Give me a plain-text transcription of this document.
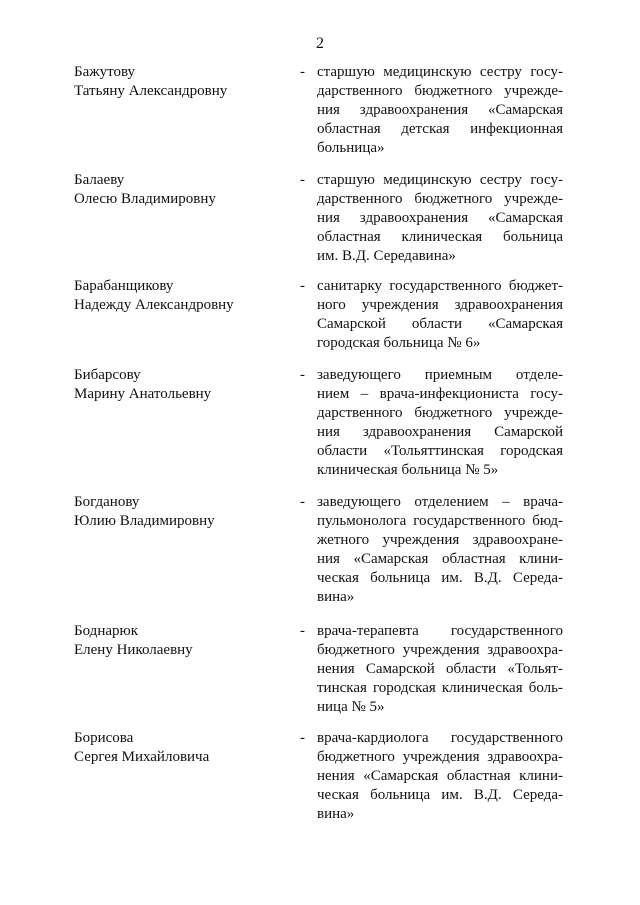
2
Бажутову
Татьяну Александровну
- старшую медицинскую сестру госу-
дарственного бюджетного учрежде-
ния здравоохранения «Самарская
областная детская инфекционная
больница»
Балаеву
Олесю Владимировну
- старшую медицинскую сестру госу-
дарственного бюджетного учрежде-
ния здравоохранения «Самарская
областная клиническая больница
им. В.Д. Середавина»
Барабанщикову
Надежду Александровну
- санитарку государственного бюджет-
ного учреждения здравоохранения
Самарской области «Самарская
городская больница № 6»
Бибарсову
Марину Анатольевну
- заведующего приемным отделе-
нием – врача-инфекциониста госу-
дарственного бюджетного учрежде-
ния здравоохранения Самарской
области «Тольяттинская городская
клиническая больница № 5»
Богданову
Юлию Владимировну
- заведующего отделением – врача-
пульмонолога государственного бюд-
жетного учреждения здравоохране-
ния «Самарская областная клини-
ческая больница им. В.Д. Середа-
вина»
Боднарюк
Елену Николаевну
- врача-терапевта государственного
бюджетного учреждения здравоохра-
нения Самарской области «Тольят-
тинская городская клиническая боль-
ница № 5»
Борисова
Сергея Михайловича
- врача-кардиолога государственного
бюджетного учреждения здравоохра-
нения «Самарская областная клини-
ческая больница им. В.Д. Середа-
вина»
